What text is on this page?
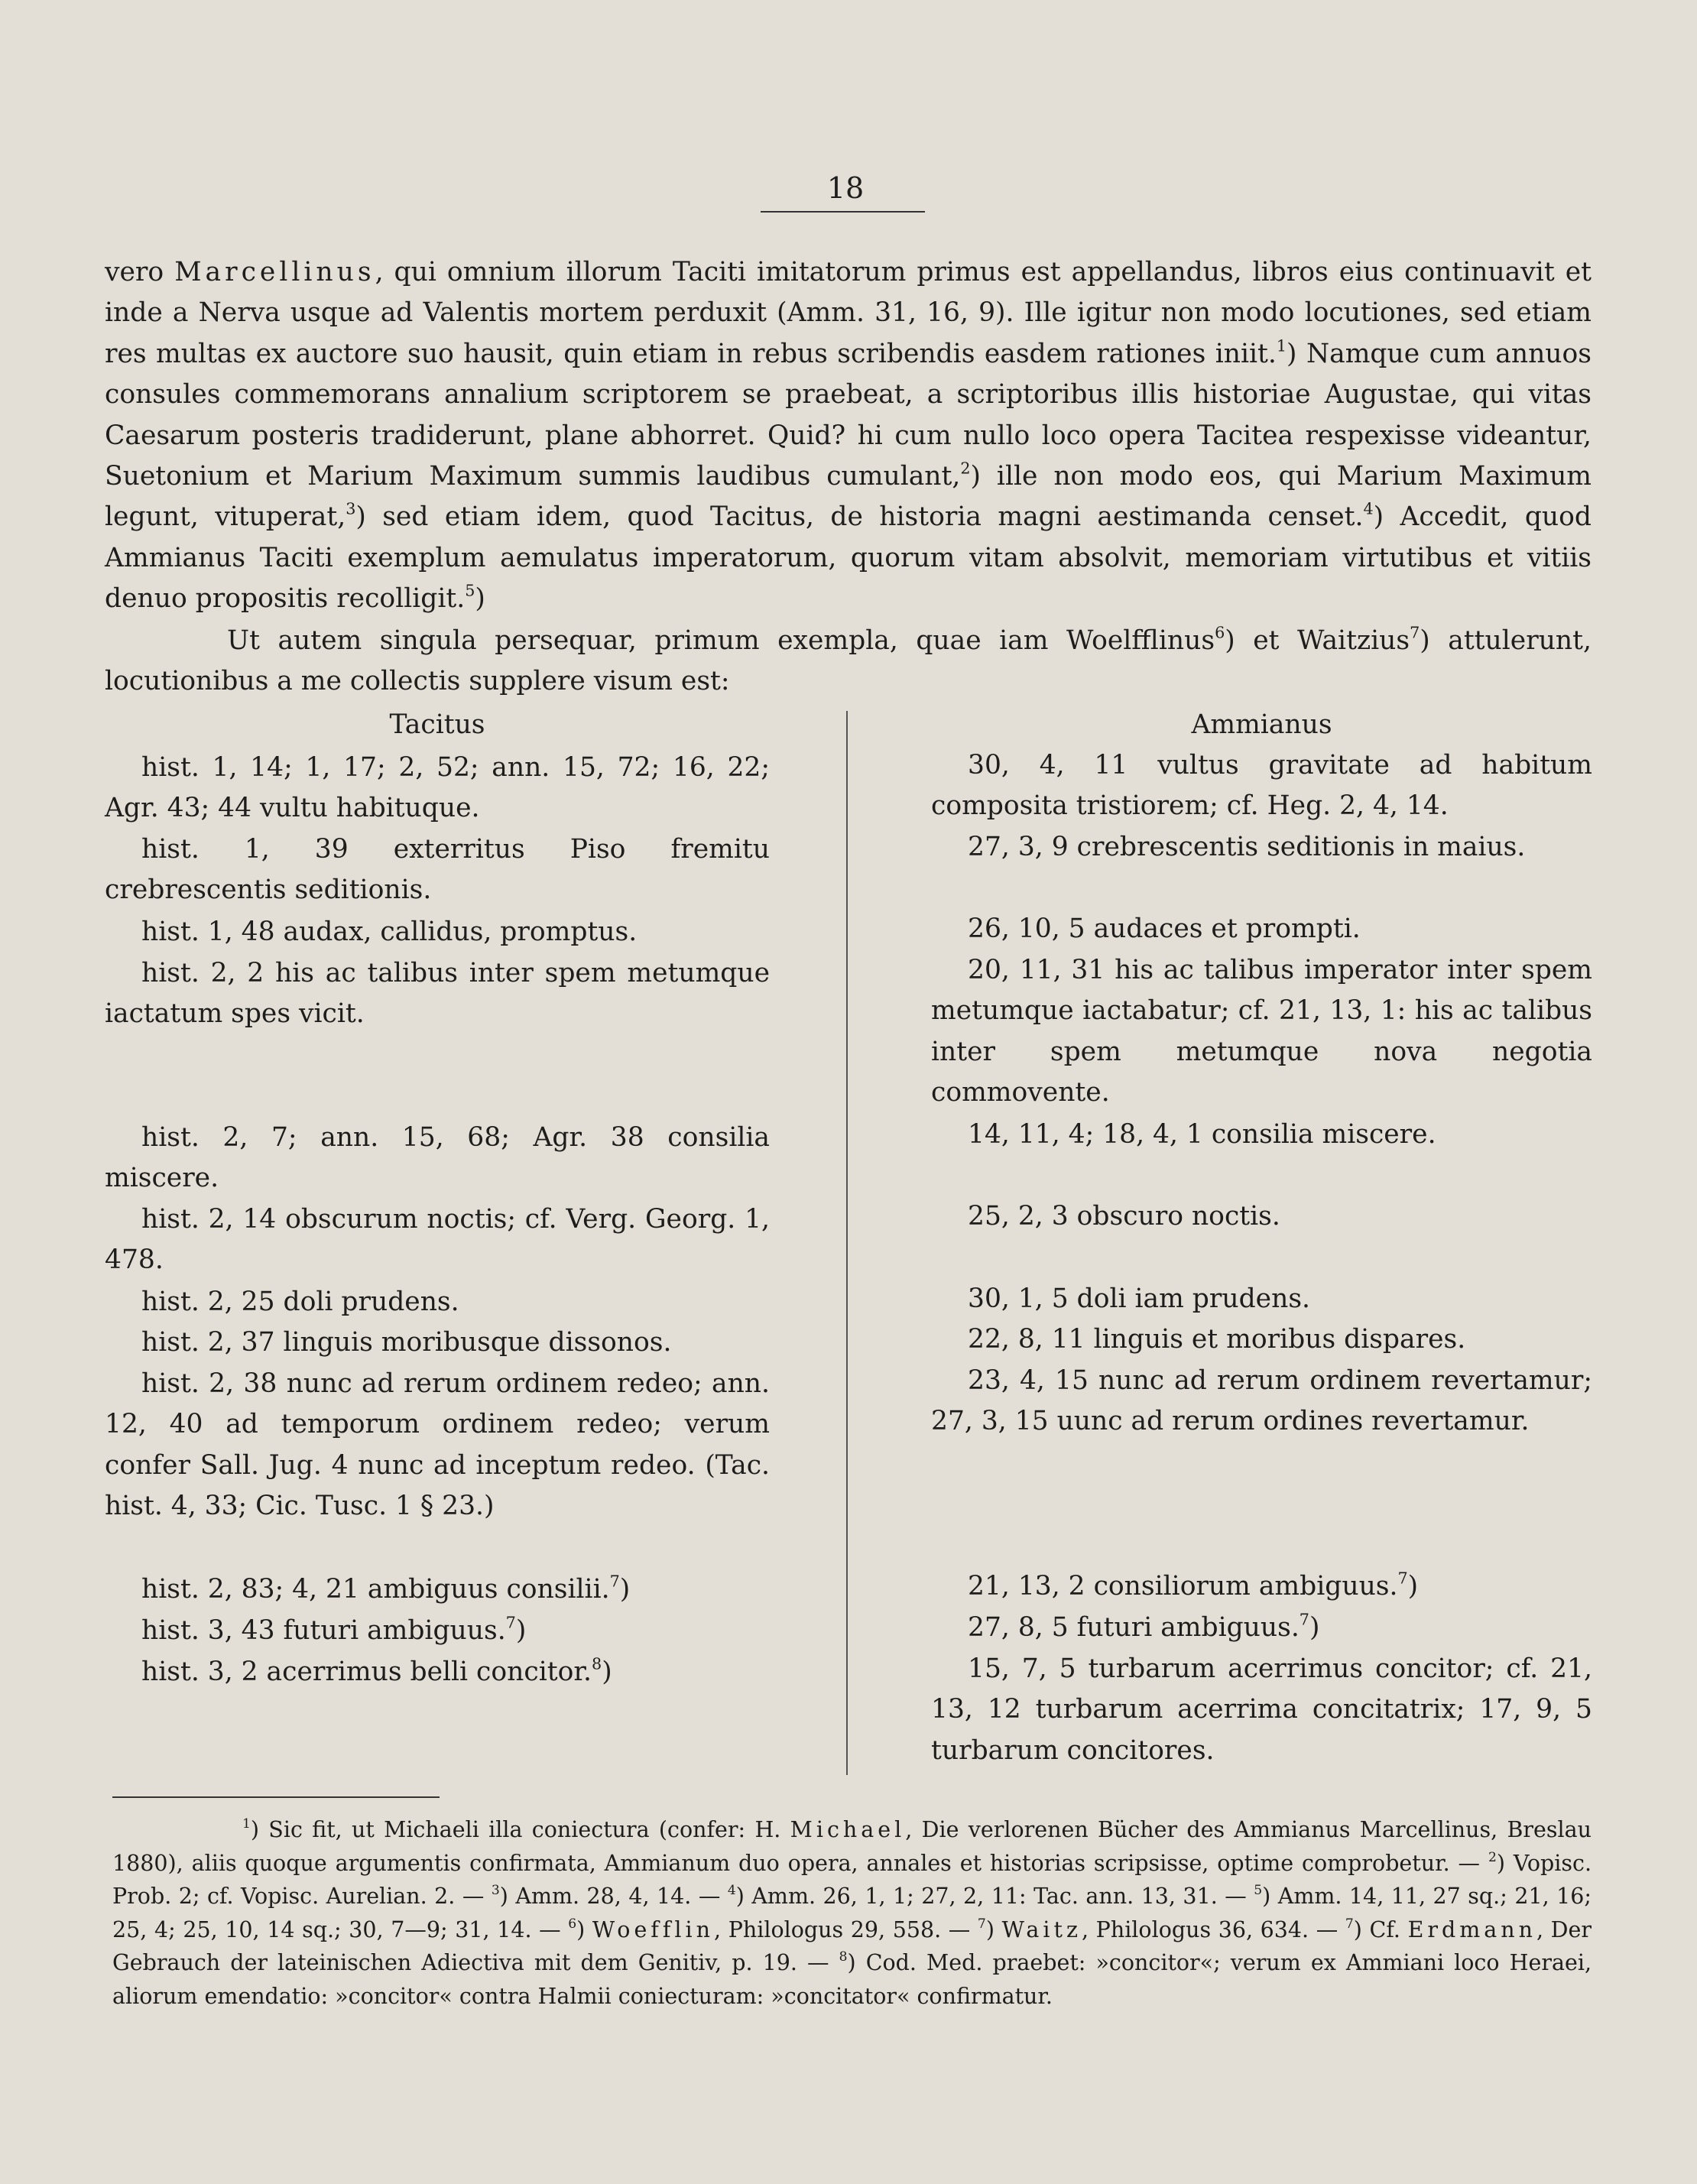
18
vero Marcellinus, qui omnium illorum Taciti imitatorum primus est appellandus, libros eius continuavit et inde a Nerva usque ad Valentis mortem perduxit (Amm. 31, 16, 9). Ille igitur non modo locutiones, sed etiam res multas ex auctore suo hausit, quin etiam in rebus scribendis easdem rationes iniit.$^1$) Namque cum annuos consules commemorans annalium scriptorem se praebeat, a scriptoribus illis historiae Augustae, qui vitas Caesarum posteris tradiderunt, plane abhorret. Quid? hi cum nullo loco opera Tacitea respexisse videantur, Suetonium et Marium Maximum summis laudibus cumulant,$^2$) ille non modo eos, qui Marium Maximum legunt, vituperat,$^3$) sed etiam idem, quod Tacitus, de historia magni aestimanda censet.$^4$) Accedit, quod Ammianus Taciti exemplum aemulatus imperatorum, quorum vitam absolvit, memoriam virtutibus et vitiis denuo propositis recolligit.$^5$)
Ut autem singula persequar, primum exempla, quae iam Woelfflinus$^6$) et Waitzius$^7$) attulerunt, locutionibus a me collectis supplere visum est:
Tacitus	Ammianus
hist. 1, 14; 1, 17; 2, 52; ann. 15, 72; 16, 22; Agr. 43; 44 vultu habituque.
hist. 1, 39 exterritus Piso fremitu crebrescentis seditionis.
hist. 1, 48 audax, callidus, promptus.
hist. 2, 2 his ac talibus inter spem metumque iactatum spes vicit.
hist. 2, 7; ann. 15, 68; Agr. 38 consilia miscere.
hist. 2, 14 obscurum noctis; cf. Verg. Georg. 1, 478.
hist. 2, 25 doli prudens.
hist. 2, 37 linguis moribusque dissonos.
hist. 2, 38 nunc ad rerum ordinem redeo; ann. 12, 40 ad temporum ordinem redeo; verum confer Sall. Jug. 4 nunc ad inceptum redeo. (Tac. hist. 4, 33; Cic. Tusc. 1 § 23.)
hist. 2, 83; 4, 21 ambiguus consilii.$^7$)
hist. 3, 43 futuri ambiguus.$^7$)
hist. 3, 2 acerrimus belli concitor.$^8$)
30, 4, 11 vultus gravitate ad habitum composita tristiorem; cf. Heg. 2, 4, 14.
27, 3, 9 crebrescentis seditionis in maius.
26, 10, 5 audaces et prompti.
20, 11, 31 his ac talibus imperator inter spem metumque iactabatur; cf. 21, 13, 1: his ac talibus inter spem metumque nova negotia commovente.
14, 11, 4; 18, 4, 1 consilia miscere.
25, 2, 3 obscuro noctis.
30, 1, 5 doli iam prudens.
22, 8, 11 linguis et moribus dispares.
23, 4, 15 nunc ad rerum ordinem revertamur; 27, 3, 15 uunc ad rerum ordines revertamur.
21, 13, 2 consiliorum ambiguus.$^7$)
27, 8, 5 futuri ambiguus.$^7$)
15, 7, 5 turbarum acerrimus concitor; cf. 21, 13, 12 turbarum acerrima concitatrix; 17, 9, 5 turbarum concitores.
$^1$) Sic fit, ut Michaeli illa coniectura (confer: H. Michael, Die verlorenen Bücher des Ammianus Marcellinus, Breslau 1880), aliis quoque argumentis confirmata, Ammianum duo opera, annales et historias scripsisse, optime comprobetur. — $^2$) Vopisc. Prob. 2; cf. Vopisc. Aurelian. 2. — $^3$) Amm. 28, 4, 14. — $^4$) Amm. 26, 1, 1; 27, 2, 11: Tac. ann. 13, 31. — $^5$) Amm. 14, 11, 27 sq.; 21, 16; 25, 4; 25, 10, 14 sq.; 30, 7—9; 31, 14. — $^6$) Woefflin, Philologus 29, 558. — $^7$) Waitz, Philologus 36, 634. — $^7$) Cf. Erdmann, Der Gebrauch der lateinischen Adiectiva mit dem Genitiv, p. 19. — $^8$) Cod. Med. praebet: »concitor«; verum ex Ammiani loco Heraei, aliorum emendatio: »concitor« contra Halmii coniecturam: »concitator« confirmatur.
